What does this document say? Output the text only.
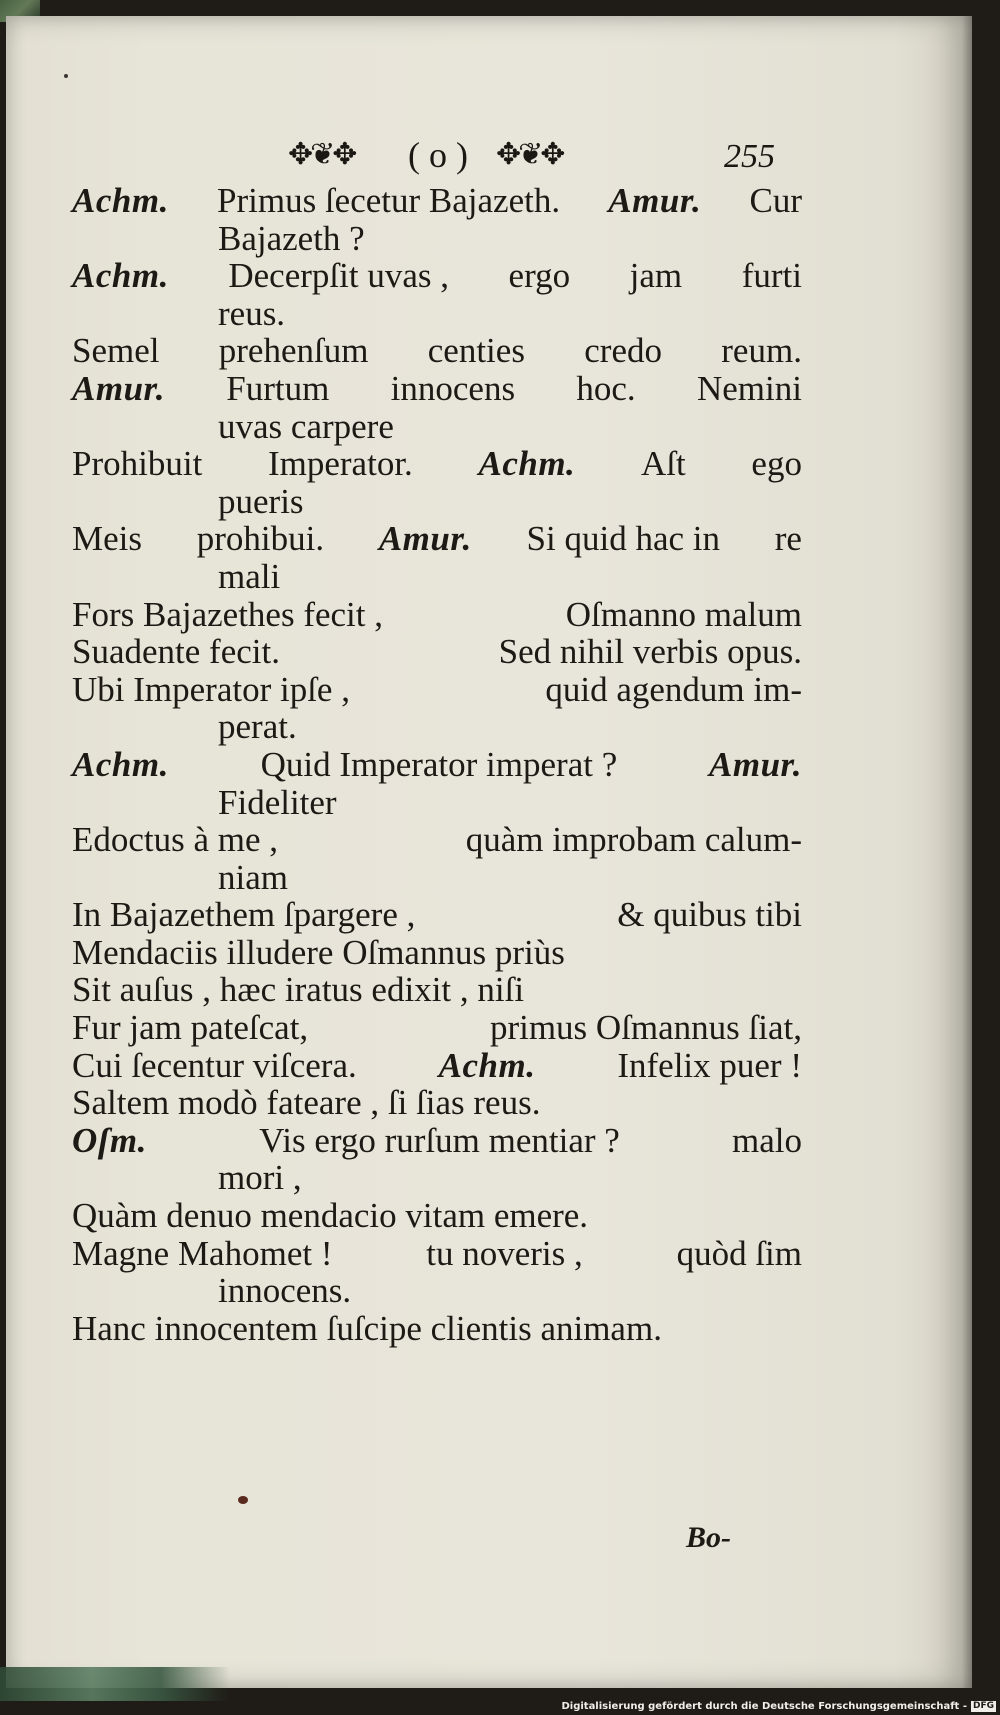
✥❦✥	( o ) ✥❦✥	255
Achm. Primus ſecetur Bajazeth. Amur. Cur
Bajazeth ?
Achm. Decerpſit uvas , ergo jam furti
reus.
Semel prehenſum centies credo reum.
Amur. Furtum innocens hoc. Nemini
uvas carpere
Prohibuit Imperator. Achm. Aſt ego
pueris
Meis prohibui. Amur. Si quid hac in re
mali
Fors Bajazethes fecit ,	Oſmanno malum
Suadente fecit.	Sed nihil verbis opus.
Ubi Imperator ipſe ,	quid agendum im-
perat.
Achm.	Quid Imperator imperat ?	Amur.
Fideliter
Edoctus à me ,	quàm improbam calum-
niam
In Bajazethem ſpargere ,	& quibus tibi
Mendaciis illudere Oſmannus priùs
Sit auſus , hæc iratus edixit , niſi
Fur jam pateſcat,	primus Oſmannus ſiat,
Cui ſecentur viſcera. Achm. Infelix puer !
Saltem modò fateare , ſi ſias reus.
Oſm.	Vis ergo rurſum mentiar ?	malo
mori ,
Quàm denuo mendacio vitam emere.
Magne Mahomet !	tu noveris ,	quòd ſim
innocens.
Hanc innocentem ſuſcipe clientis animam.
Bo-
Digitalisierung gefördert durch die Deutsche Forschungsgemeinschaft - DFG
